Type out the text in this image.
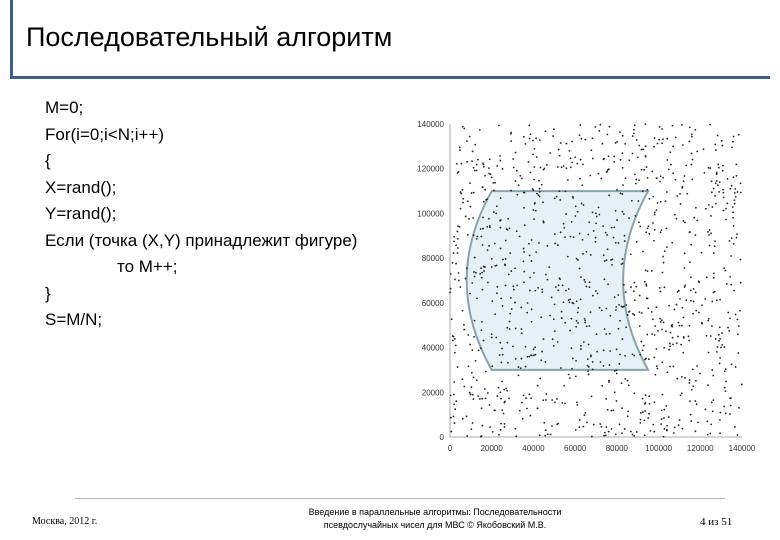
Последовательный алгоритм
M=0;
For(i=0;i<N;i++)
{
X=rand();
Y=rand();
Если (точка (X,Y) принадлежит фигуре)
то M++;
}
S=M/N;
0
20000
40000
60000
80000
100000
120000
140000
0	20000 40000 60000 80000 100000 120000 140000
Москва, 2012 г.
Введение в параллельные алгоритмы: Последовательности
псевдослучайных чисел для МВС © Якобовский М.В.	4 из 51
